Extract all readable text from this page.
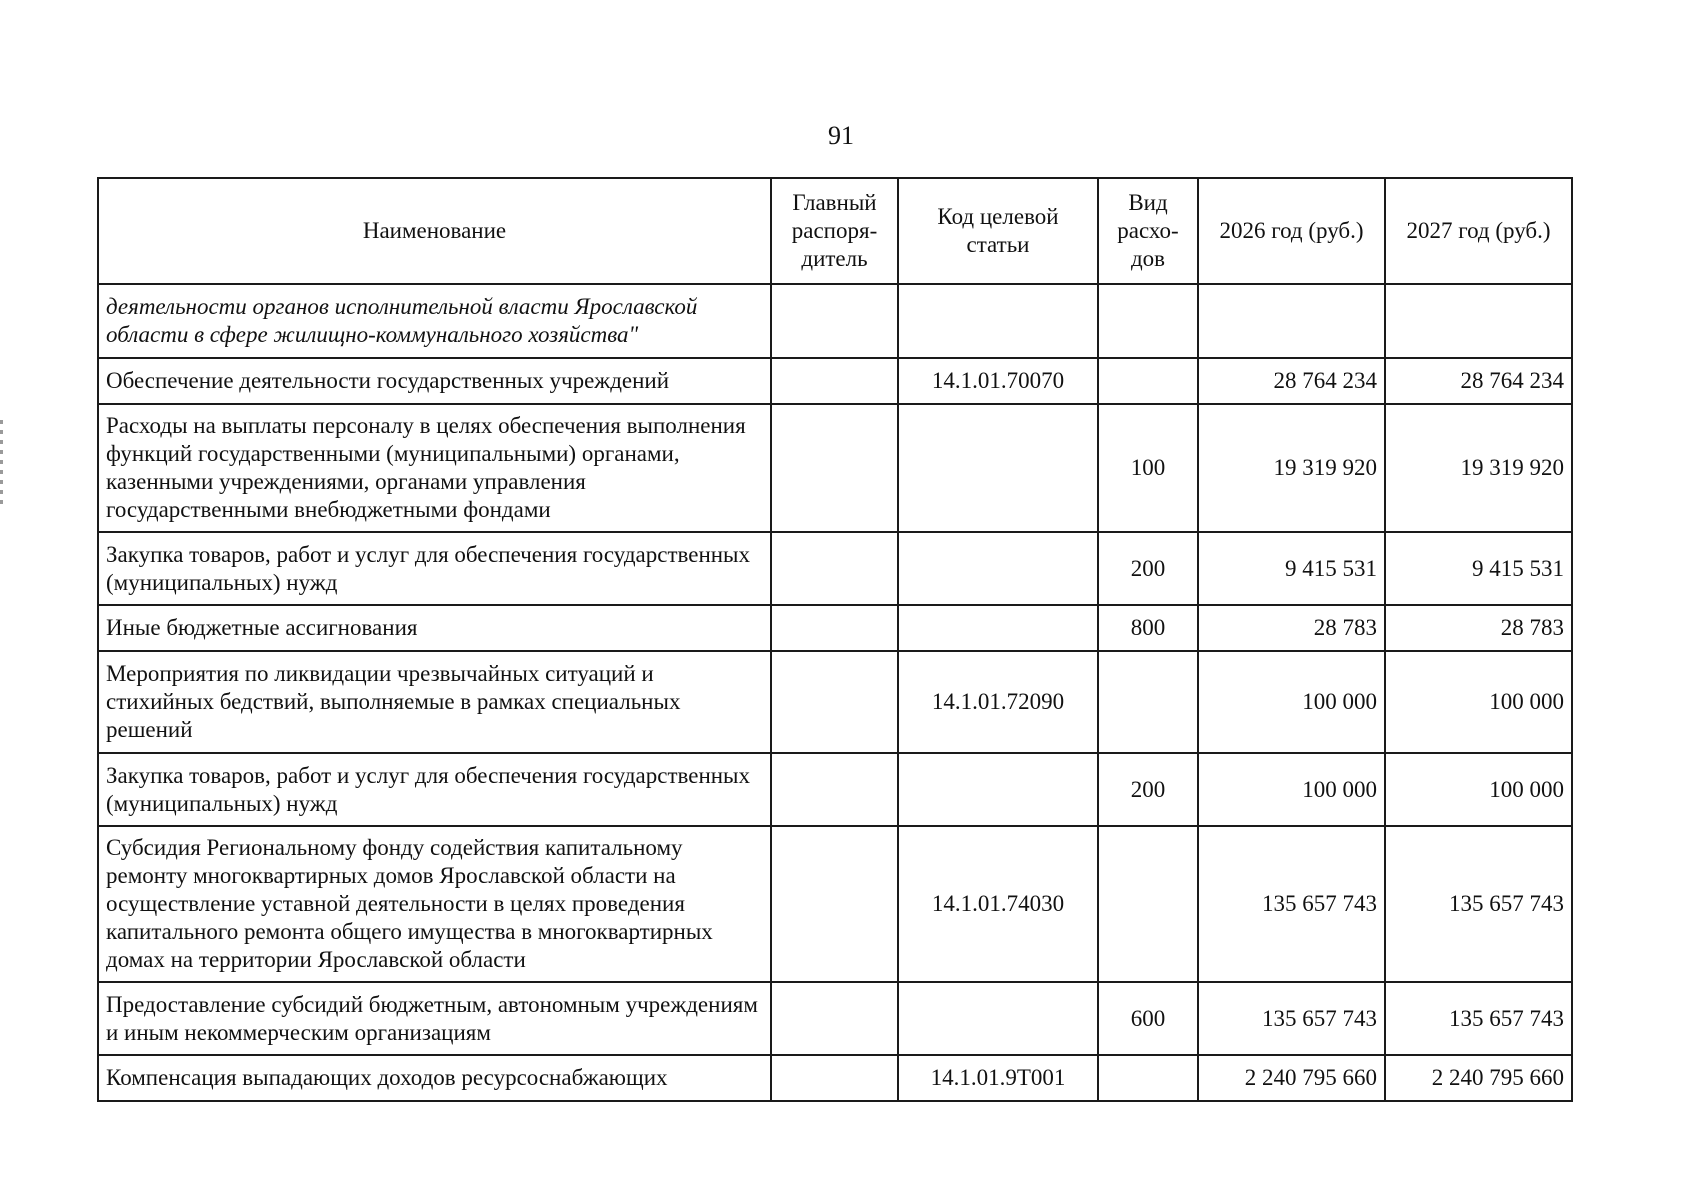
91
Наименование	Главный распоря- дитель	Код целевой статьи	Вид расхо- дов	2026 год (руб.)	2027 год (руб.)
деятельности органов исполнительной власти Ярославской области в сфере жилищно-коммунального хозяйства"					
Обеспечение деятельности государственных учреждений		14.1.01.70070		28 764 234	28 764 234
Расходы на выплаты персоналу в целях обеспечения выполнения функций государственными (муниципальными) органами, казенными учреждениями, органами управления государственными внебюджетными фондами			100	19 319 920	19 319 920
Закупка товаров, работ и услуг для обеспечения государственных (муниципальных) нужд			200	9 415 531	9 415 531
Иные бюджетные ассигнования			800	28 783	28 783
Мероприятия по ликвидации чрезвычайных ситуаций и стихийных бедствий, выполняемые в рамках специальных решений		14.1.01.72090		100 000	100 000
Закупка товаров, работ и услуг для обеспечения государственных (муниципальных) нужд			200	100 000	100 000
Субсидия Региональному фонду содействия капитальному ремонту многоквартирных домов Ярославской области на осуществление уставной деятельности в целях проведения капитального ремонта общего имущества в многоквартирных домах на территории Ярославской области		14.1.01.74030		135 657 743	135 657 743
Предоставление субсидий бюджетным, автономным учреждениям и иным некоммерческим организациям			600	135 657 743	135 657 743
Компенсация выпадающих доходов ресурсоснабжающих		14.1.01.9Т001		2 240 795 660	2 240 795 660
